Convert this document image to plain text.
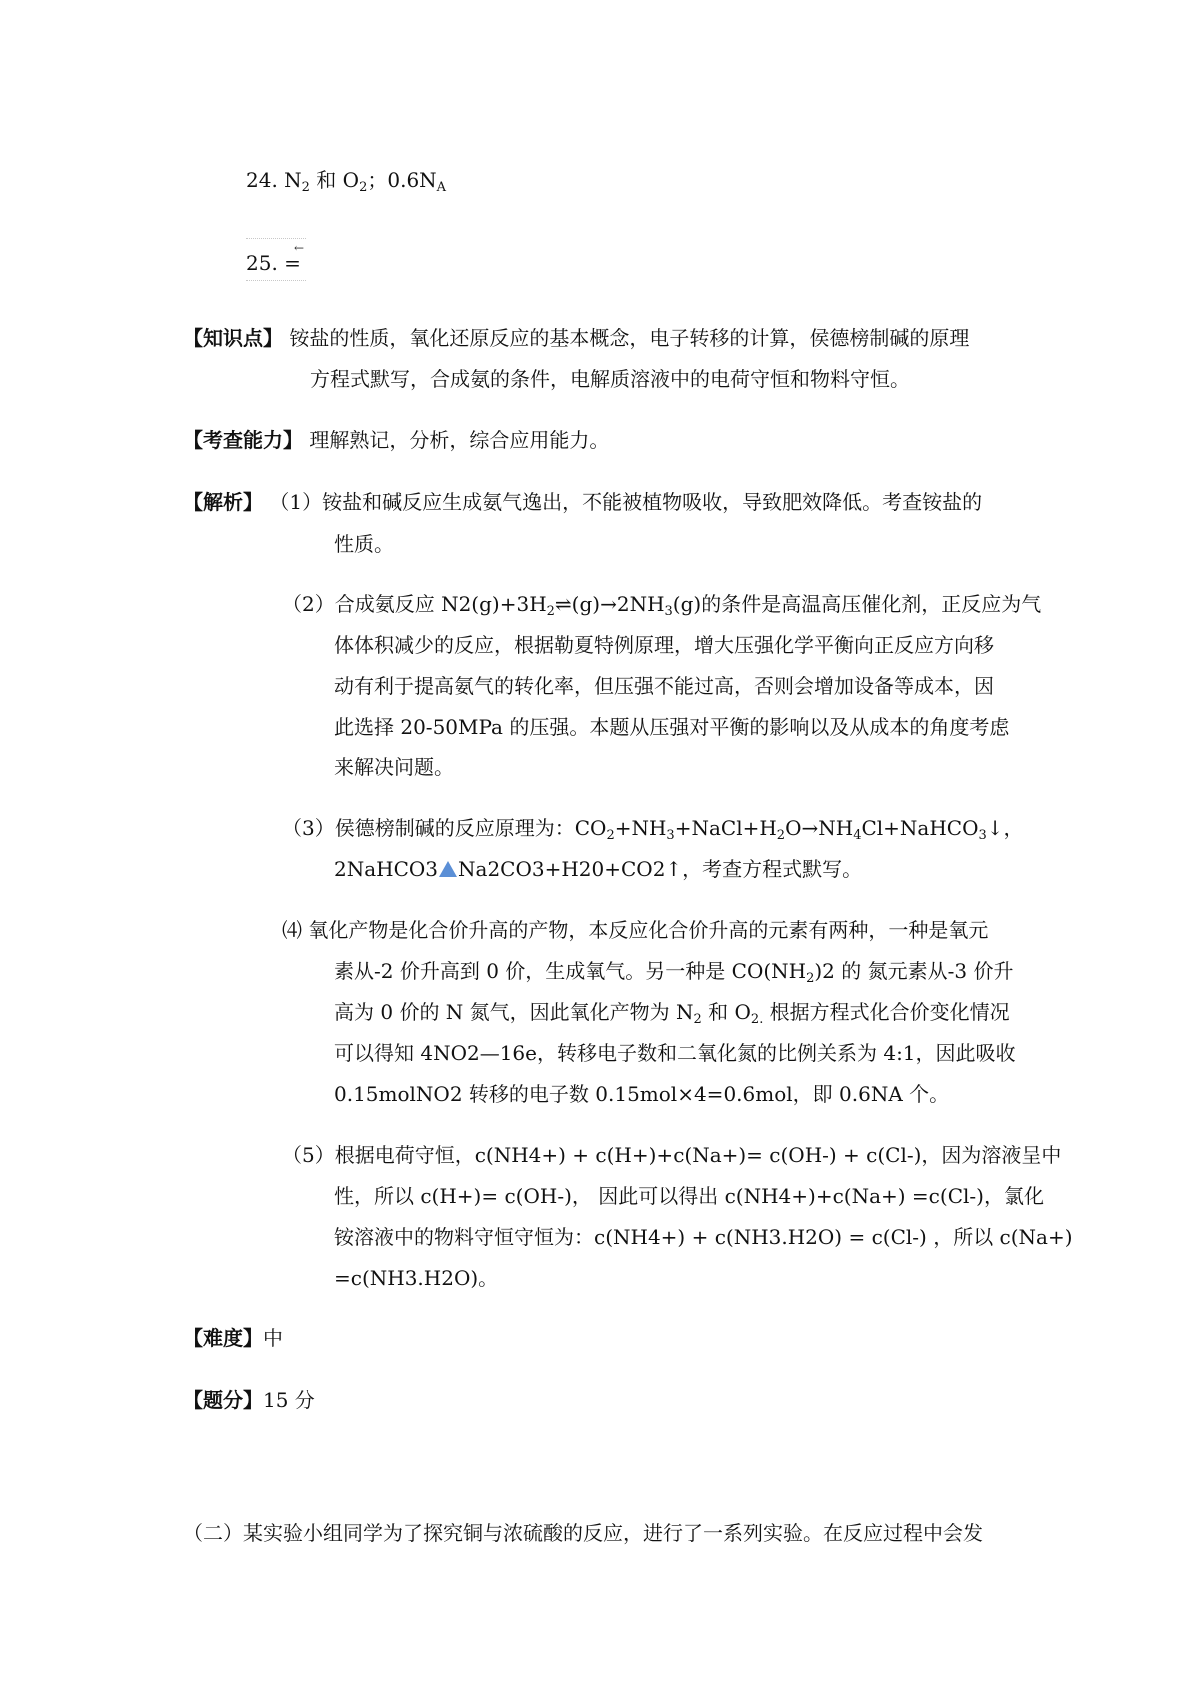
24. $N_2$ 和 $O_2$；$0.6N_A$
25. =
←
【知识点】 铵盐的性质，氧化还原反应的基本概念，电子转移的计算，侯德榜制碱的原理
方程式默写，合成氨的条件，电解质溶液中的电荷守恒和物料守恒。
【考查能力】 理解熟记，分析，综合应用能力。
【解析】 （1）铵盐和碱反应生成氨气逸出，不能被植物吸收，导致肥效降低。考查铵盐的
性质。
（2）合成氨反应 $N2(g)+3H_2\rightleftharpoons(g)\to 2NH_3(g)$的条件是高温高压催化剂，正反应为气
体体积减少的反应，根据勒夏特例原理，增大压强化学平衡向正反应方向移
动有利于提高氨气的转化率，但压强不能过高，否则会增加设备等成本，因
此选择 20-50MPa 的压强。本题从压强对平衡的影响以及从成本的角度考虑
来解决问题。
（3）侯德榜制碱的反应原理为：$CO_2+NH_3+NaCl+H_2O\to NH_4Cl+NaHCO_3↓$，
2NaHCO3 Na2CO3+H20+CO2↑，考查方程式默写。
⑷ 氧化产物是化合价升高的产物，本反应化合价升高的元素有两种，一种是氧元
素从-2 价升高到 0 价，生成氧气。另一种是 $CO(NH_2)2$ 的 氮元素从-3 价升
高为 0 价的 N 氮气，因此氧化产物为 $N_2$ 和 $O_{2.}$ 根据方程式化合价变化情况
可以得知 4NO2—16e，转移电子数和二氧化氮的比例关系为 4:1，因此吸收
0.15molNO2 转移的电子数 0.15mol×4=0.6mol，即 0.6NA 个。
（5）根据电荷守恒，c(NH4+) + c(H+)+c(Na+)= c(OH-) + c(Cl-)，因为溶液呈中
性，所以 c(H+)= c(OH-)， 因此可以得出 c(NH4+)+c(Na+) =c(Cl-)，氯化
铵溶液中的物料守恒守恒为：c(NH4+) + c(NH3.H2O) = c(Cl-) ，所以 c(Na+)
=c(NH3.H2O)。
【难度】中
【题分】15 分
（二）某实验小组同学为了探究铜与浓硫酸的反应，进行了一系列实验。在反应过程中会发
